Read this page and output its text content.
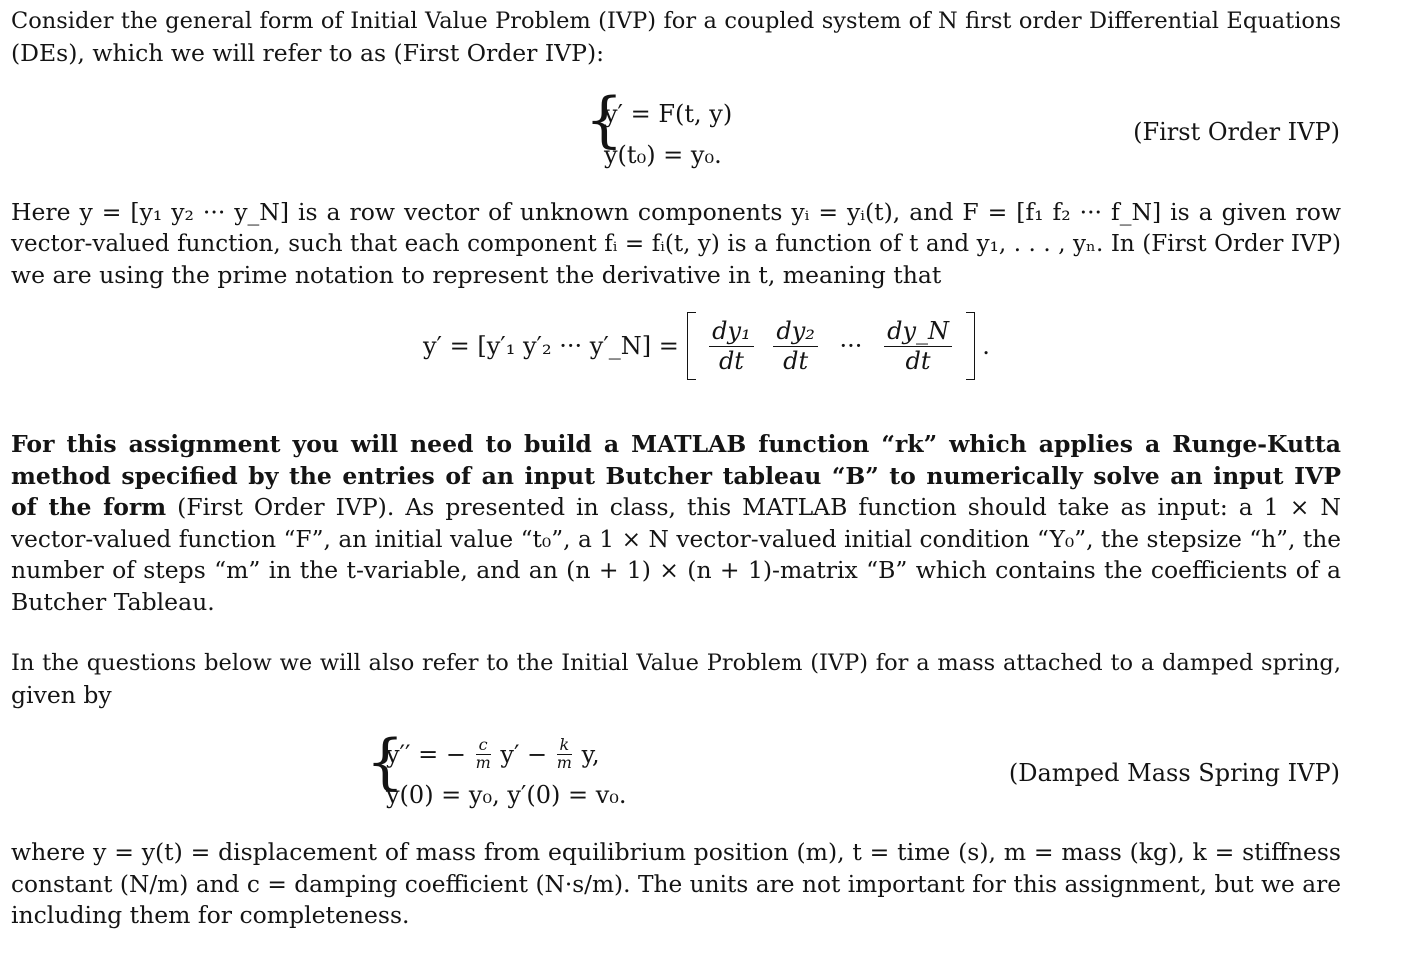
Consider the general form of Initial Value Problem (IVP) for a coupled system of N first order Differential Equations
(DEs), which we will refer to as (First Order IVP):
{
y′ = F(t, y)
y(t₀) = y₀.
(First Order IVP)
Here y = [y₁ y₂ ··· y_N] is a row vector of unknown components yᵢ = yᵢ(t), and F = [f₁ f₂ ··· f_N] is a given row
vector-valued function, such that each component fᵢ = fᵢ(t, y) is a function of t and y₁, . . . , yₙ. In (First Order IVP)
we are using the prime notation to represent the derivative in t, meaning that
y′ = [y′₁ y′₂ ··· y′_N] = $\frac{\text{dy₁}}{dt}$
$\frac{\text{dy₂}}{dt}$ ··· $\frac{dy\_N}{dt}$ .
For this assignment you will need to build a MATLAB function “rk” which applies a Runge-Kutta
method specified by the entries of an input Butcher tableau “B” to numerically solve an input IVP
of the form (First Order IVP). As presented in class, this MATLAB function should take as input: a 1 × N
vector-valued function “F”, an initial value “t₀”, a 1 × N vector-valued initial condition “Y₀”, the stepsize “h”, the
number of steps “m” in the t-variable, and an (n + 1) × (n + 1)-matrix “B” which contains the coefficients of a
Butcher Tableau.
In the questions below we will also refer to the Initial Value Problem (IVP) for a mass attached to a damped spring,
given by
{
y′′ = − $\frac{c}{m} y' - \frac{k}{m} y$,
y(0) = y₀, y′(0) = v₀.
(Damped Mass Spring IVP)
where y = y(t) = displacement of mass from equilibrium position (m), t = time (s), m = mass (kg), k = stiffness
constant (N/m) and c = damping coefficient (N·s/m). The units are not important for this assignment, but we are
including them for completeness.
